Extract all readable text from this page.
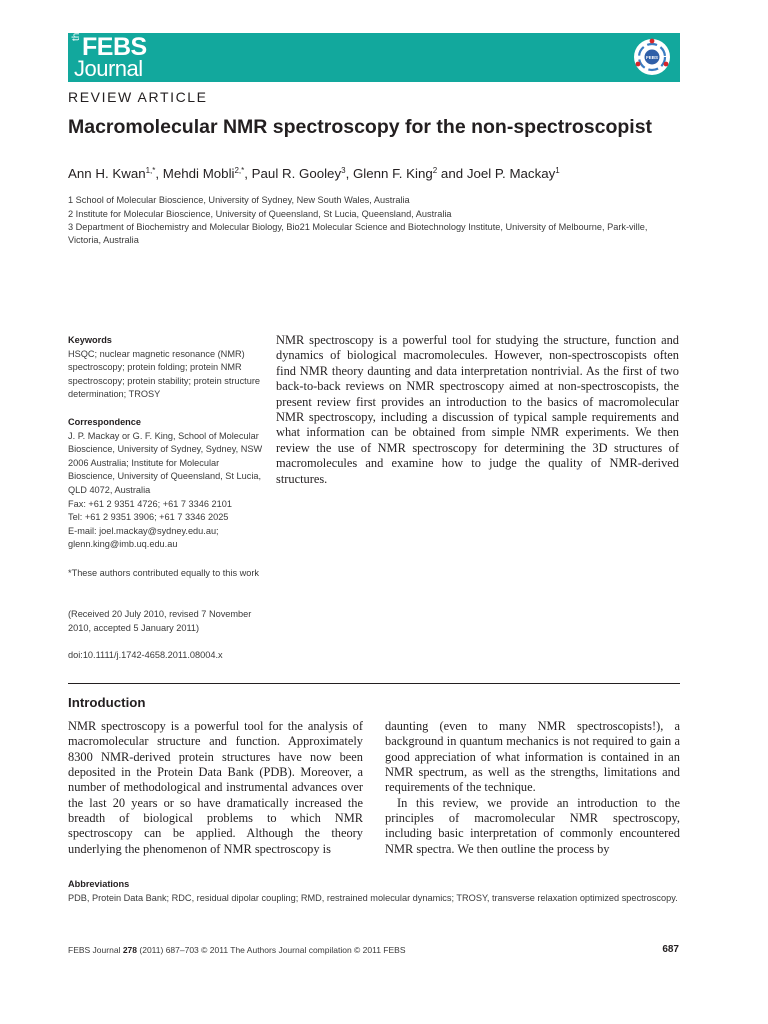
the FEBS
Journal	FEBS
REVIEW ARTICLE
Macromolecular NMR spectroscopy for the non-spectroscopist
Ann H. Kwan$^{1,*}$, Mehdi Mobli$^{2,*}$, Paul R. Gooley$^3$, Glenn F. King$^2$ and Joel P. Mackay$^1$
1 School of Molecular Bioscience, University of Sydney, New South Wales, Australia
2 Institute for Molecular Bioscience, University of Queensland, St Lucia, Queensland, Australia
3 Department of Biochemistry and Molecular Biology, Bio21 Molecular Science and Biotechnology Institute, University of Melbourne, Park-ville, Victoria, Australia
Keywords
HSQC; nuclear magnetic resonance (NMR) spectroscopy; protein folding; protein NMR spectroscopy; protein stability; protein structure determination; TROSY
Correspondence
J. P. Mackay or G. F. King, School of Molecular Bioscience, University of Sydney, Sydney, NSW 2006 Australia; Institute for Molecular Bioscience, University of Queensland, St Lucia, QLD 4072, Australia
Fax: +61 2 9351 4726; +61 7 3346 2101
Tel: +61 2 9351 3906; +61 7 3346 2025
E-mail: joel.mackay@sydney.edu.au;
glenn.king@imb.uq.edu.au
*These authors contributed equally to this work
(Received 20 July 2010, revised 7 November 2010, accepted 5 January 2011)
doi:10.1111/j.1742-4658.2011.08004.x
NMR spectroscopy is a powerful tool for studying the structure, function and dynamics of biological macromolecules. However, non-spectroscopists often find NMR theory daunting and data interpretation nontrivial. As the first of two back-to-back reviews on NMR spectroscopy aimed at non-spectroscopists, the present review first provides an introduction to the basics of macromolecular NMR spectroscopy, including a discussion of typical sample requirements and what information can be obtained from simple NMR experiments. We then review the use of NMR spectroscopy for determining the 3D structures of macromolecules and examine how to judge the quality of NMR-derived structures.
Introduction

NMR spectroscopy is a powerful tool for the analysis of macromolecular structure and function. Approximately 8300 NMR-derived protein structures have now been deposited in the Protein Data Bank (PDB). Moreover, a number of methodological and instrumental advances over the last 20 years or so have dramatically increased the breadth of biological problems to which NMR spectroscopy can be applied. Although the theory underlying the phenomenon of NMR spectroscopy is

daunting (even to many NMR spectroscopists!), a background in quantum mechanics is not required to gain a good appreciation of what information is contained in an NMR spectrum, as well as the strengths, limitations and requirements of the technique.

In this review, we provide an introduction to the principles of macromolecular NMR spectroscopy, including basic interpretation of commonly encountered NMR spectra. We then outline the process by

Abbreviations
PDB, Protein Data Bank; RDC, residual dipolar coupling; RMD, restrained molecular dynamics; TROSY, transverse relaxation optimized spectroscopy.
FEBS Journal 278 (2011) 687–703 © 2011 The Authors Journal compilation © 2011 FEBS	687
